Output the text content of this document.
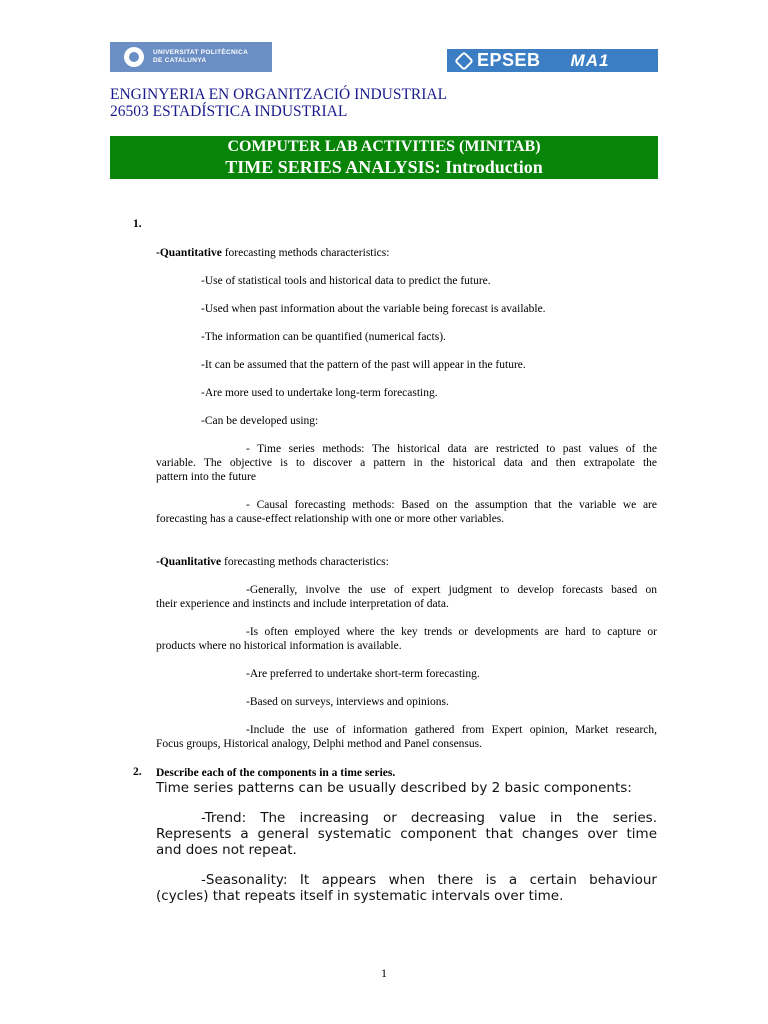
UNIVERSITAT POLITÈCNICA
DE CATALUNYA	EPSEB MA1
ENGINYERIA EN ORGANITZACIÓ INDUSTRIAL
26503 ESTADÍSTICA INDUSTRIAL
COMPUTER LAB ACTIVITIES (MINITAB)
TIME SERIES ANALYSIS: Introduction
1.
-Quantitative forecasting methods characteristics:
-Use of statistical tools and historical data to predict the future.
-Used when past information about the variable being forecast is available.
-The information can be quantified (numerical facts).
-It can be assumed that the pattern of the past will appear in the future.
-Are more used to undertake long-term forecasting.
-Can be developed using:
- Time series methods: The historical data are restricted to past values of the
variable. The objective is to discover a pattern in the historical data and then extrapolate the
pattern into the future
- Causal forecasting methods: Based on the assumption that the variable we are
forecasting has a cause-effect relationship with one or more other variables.
-Quanlitative forecasting methods characteristics:
-Generally, involve the use of expert judgment to develop forecasts based on
their experience and instincts and include interpretation of data.
-Is often employed where the key trends or developments are hard to capture or
products where no historical information is available.
-Are preferred to undertake short-term forecasting.
-Based on surveys, interviews and opinions.
-Include the use of information gathered from Expert opinion, Market research,
Focus groups, Historical analogy, Delphi method and Panel consensus.
2. Describe each of the components in a time series.
Time series patterns can be usually described by 2 basic components:
-Trend: The increasing or decreasing value in the series.
Represents a general systematic component that changes over time
and does not repeat.
-Seasonality: It appears when there is a certain behaviour
(cycles) that repeats itself in systematic intervals over time.
1
